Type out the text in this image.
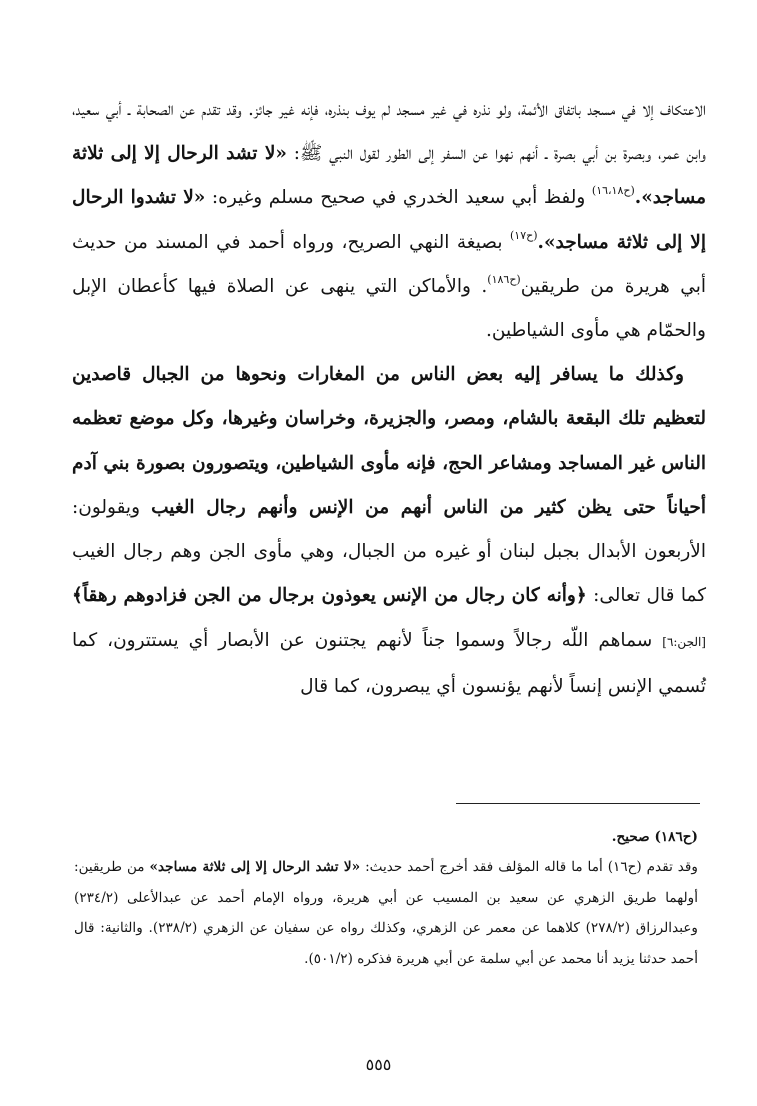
الاعتكاف إلا في مسجد باتفاق الأئمة، ولو نذره في غير مسجد لم يوف بنذره، فإنه غير جائز. وقد تقدم عن الصحابة ـ أبي سعيد، وابن عمر، وبصرة بن أبي بصرة ـ أنهم نهوا عن السفر إلى الطور لقول النبي ﷺ: «لا تشد الرحال إلا إلى ثلاثة مساجد».$^{(ح١٦،١٨)}$ ولفظ أبي سعيد الخدري في صحيح مسلم وغيره: «لا تشدوا الرحال إلا إلى ثلاثة مساجد».$^{(ح١٧)}$ بصيغة النهي الصريح، ورواه أحمد في المسند من حديث أبي هريرة من طريقين$^{(ح١٨٦)}$. والأماكن التي ينهى عن الصلاة فيها كأعطان الإبل والحمّام هي مأوى الشياطين.

وكذلك ما يسافر إليه بعض الناس من المغارات ونحوها من الجبال قاصدين لتعظيم تلك البقعة بالشام، ومصر، والجزيرة، وخراسان وغيرها، وكل موضع تعظمه الناس غير المساجد ومشاعر الحج، فإنه مأوى الشياطين، ويتصورون بصورة بني آدم أحياناً حتى يظن كثير من الناس أنهم من الإنس وأنهم رجال الغيب ويقولون: الأربعون الأبدال بجبل لبنان أو غيره من الجبال، وهي مأوى الجن وهم رجال الغيب كما قال تعالى: ﴿وأنه كان رجال من الإنس يعوذون برجال من الجن فزادوهم رهقاً﴾ [الجن:٦] سماهم اللّه رجالاً وسموا جناً لأنهم يجتنون عن الأبصار أي يستترون، كما تُسمي الإنس إنساً لأنهم يؤنسون أي يبصرون، كما قال

(ح١٨٦) صحيح.

وقد تقدم (ح١٦) أما ما قاله المؤلف فقد أخرج أحمد حديث: «لا تشد الرحال إلا إلى ثلاثة مساجد» من طريقين: أولهما طريق الزهري عن سعيد بن المسيب عن أبي هريرة، ورواه الإمام أحمد عن عبدالأعلى (٢٣٤/٢) وعبدالرزاق (٢٧٨/٢) كلاهما عن معمر عن الزهري، وكذلك رواه عن سفيان عن الزهري (٢٣٨/٢). والثانية: قال أحمد حدثنا يزيد أنا محمد عن أبي سلمة عن أبي هريرة فذكره (٥٠١/٢).

٥٥٥
